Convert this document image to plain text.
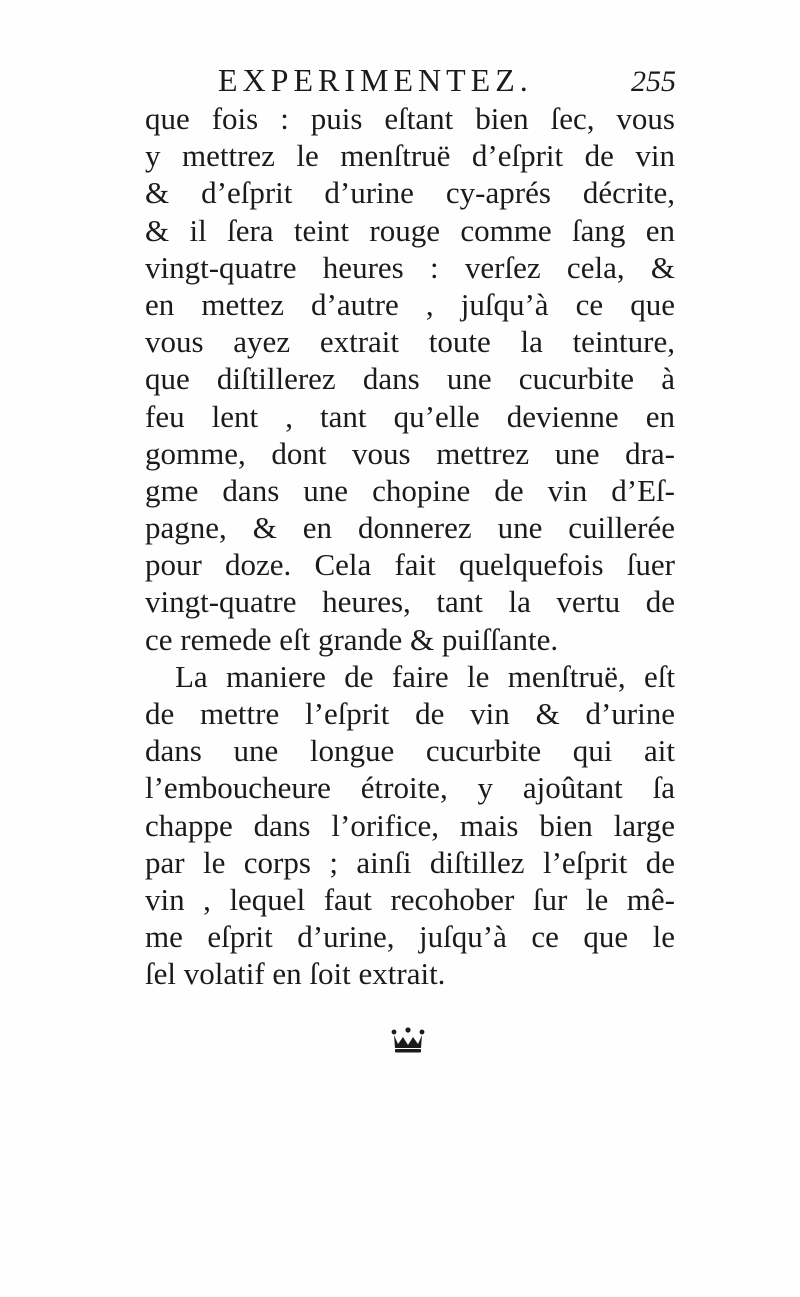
EXPERIMENTEZ.	255
que fois : puis eſtant bien ſec, vous
y mettrez le menſtruë d’eſprit de vin
& d’eſprit d’urine cy-aprés décrite,
& il ſera teint rouge comme ſang en
vingt-quatre heures : verſez cela, &
en mettez d’autre , juſqu’à ce que
vous ayez extrait toute la teinture,
que diſtillerez dans une cucurbite à
feu lent , tant qu’elle devienne en
gomme, dont vous mettrez une dra-
gme dans une chopine de vin d’Eſ-
pagne, & en donnerez une cuillerée
pour doze. Cela fait quelquefois ſuer
vingt-quatre heures, tant la vertu de
ce remede eſt grande & puiſſante.
La maniere de faire le menſtruë, eſt
de mettre l’eſprit de vin & d’urine
dans une longue cucurbite qui ait
l’emboucheure étroite, y ajoûtant ſa
chappe dans l’orifice, mais bien large
par le corps ; ainſi diſtillez l’eſprit de
vin , lequel faut recohober ſur le mê-
me eſprit d’urine, juſqu’à ce que le
ſel volatif en ſoit extrait.
